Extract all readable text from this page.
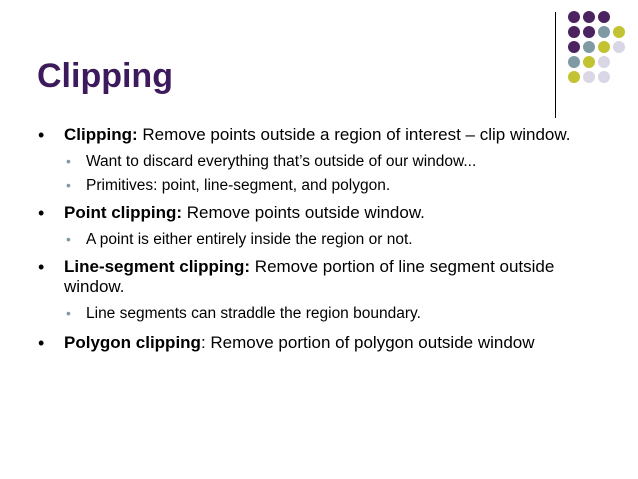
Clipping
• Clipping: Remove points outside a region of interest – clip window.
• Want to discard everything that’s outside of our window...
• Primitives: point, line-segment, and polygon.
• Point clipping: Remove points outside window.
• A point is either entirely inside the region or not.
• Line-segment clipping: Remove portion of line segment outside window.
• Line segments can straddle the region boundary.
• Polygon clipping: Remove portion of polygon outside window
